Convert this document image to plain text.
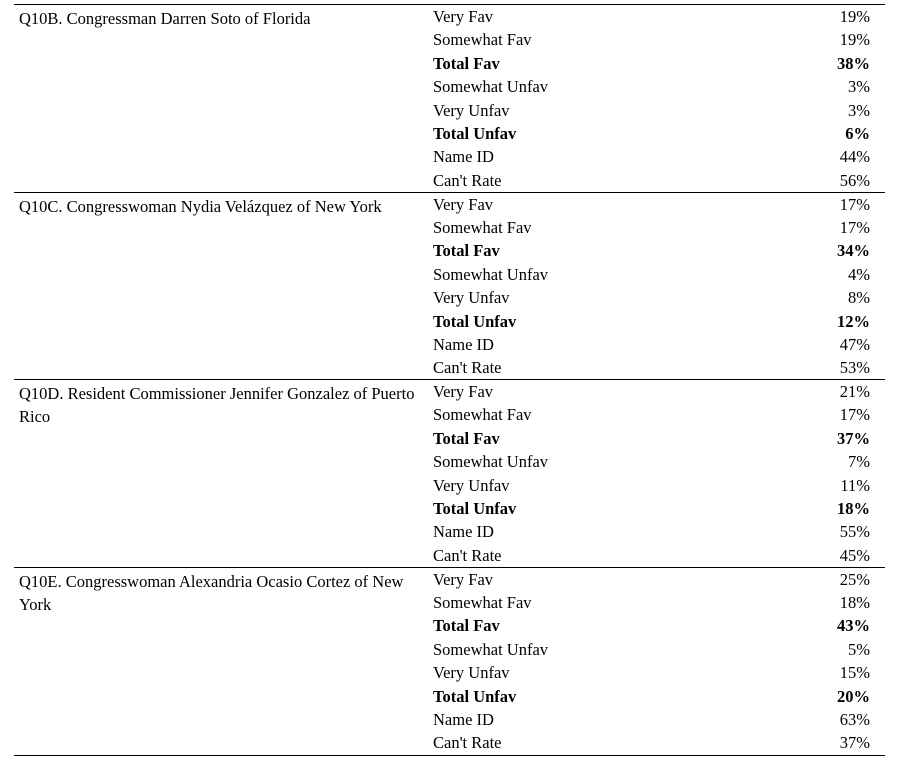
Q10B. Congressman Darren Soto of Florida	Very Fav	19%
Somewhat Fav	19%
Total Fav	38%
Somewhat Unfav	3%
Very Unfav	3%
Total Unfav	6%
Name ID	44%
Can't Rate	56%
Q10C. Congresswoman Nydia Velázquez of New York	Very Fav	17%
Somewhat Fav	17%
Total Fav	34%
Somewhat Unfav	4%
Very Unfav	8%
Total Unfav	12%
Name ID	47%
Can't Rate	53%
Q10D. Resident Commissioner Jennifer Gonzalez of Puerto Rico
Very Fav	21%
Somewhat Fav	17%
Total Fav	37%
Somewhat Unfav	7%
Very Unfav	11%
Total Unfav	18%
Name ID	55%
Can't Rate	45%
Q10E. Congresswoman Alexandria Ocasio Cortez of New York
Very Fav	25%
Somewhat Fav	18%
Total Fav	43%
Somewhat Unfav	5%
Very Unfav	15%
Total Unfav	20%
Name ID	63%
Can't Rate	37%
